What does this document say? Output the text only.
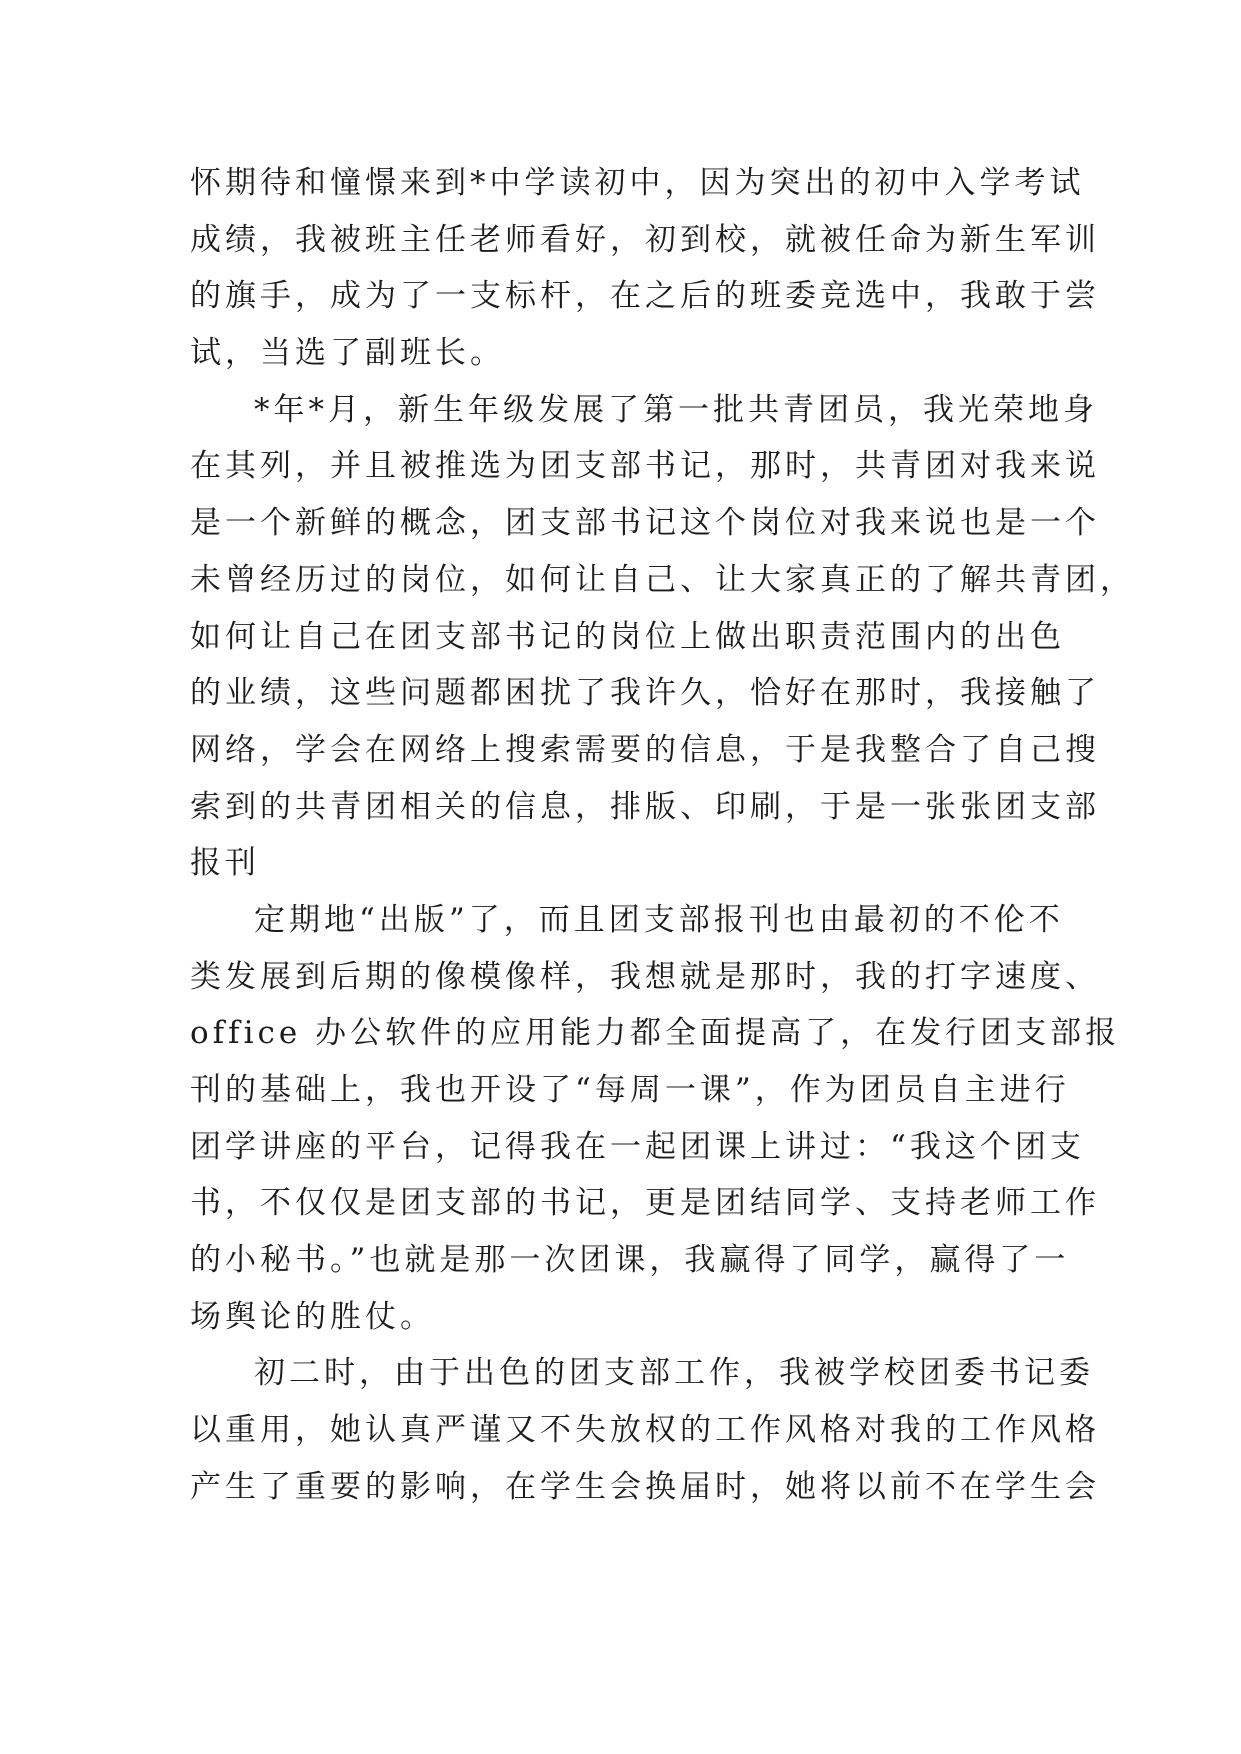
怀期待和憧憬来到*中学读初中，因为突出的初中入学考试
成绩，我被班主任老师看好，初到校，就被任命为新生军训
的旗手，成为了一支标杆，在之后的班委竞选中，我敢于尝
试，当选了副班长。
*年*月，新生年级发展了第一批共青团员，我光荣地身
在其列，并且被推选为团支部书记，那时，共青团对我来说
是一个新鲜的概念，团支部书记这个岗位对我来说也是一个
未曾经历过的岗位，如何让自己、让大家真正的了解共青团，
如何让自己在团支部书记的岗位上做出职责范围内的出色
的业绩，这些问题都困扰了我许久，恰好在那时，我接触了
网络，学会在网络上搜索需要的信息，于是我整合了自己搜
索到的共青团相关的信息，排版、印刷，于是一张张团支部
报刊
定期地“出版”了，而且团支部报刊也由最初的不伦不
类发展到后期的像模像样，我想就是那时，我的打字速度、
office 办公软件的应用能力都全面提高了，在发行团支部报
刊的基础上，我也开设了“每周一课”，作为团员自主进行
团学讲座的平台，记得我在一起团课上讲过：“我这个团支
书，不仅仅是团支部的书记，更是团结同学、支持老师工作
的小秘书。”也就是那一次团课，我赢得了同学，赢得了一
场舆论的胜仗。
初二时，由于出色的团支部工作，我被学校团委书记委
以重用，她认真严谨又不失放权的工作风格对我的工作风格
产生了重要的影响，在学生会换届时，她将以前不在学生会
